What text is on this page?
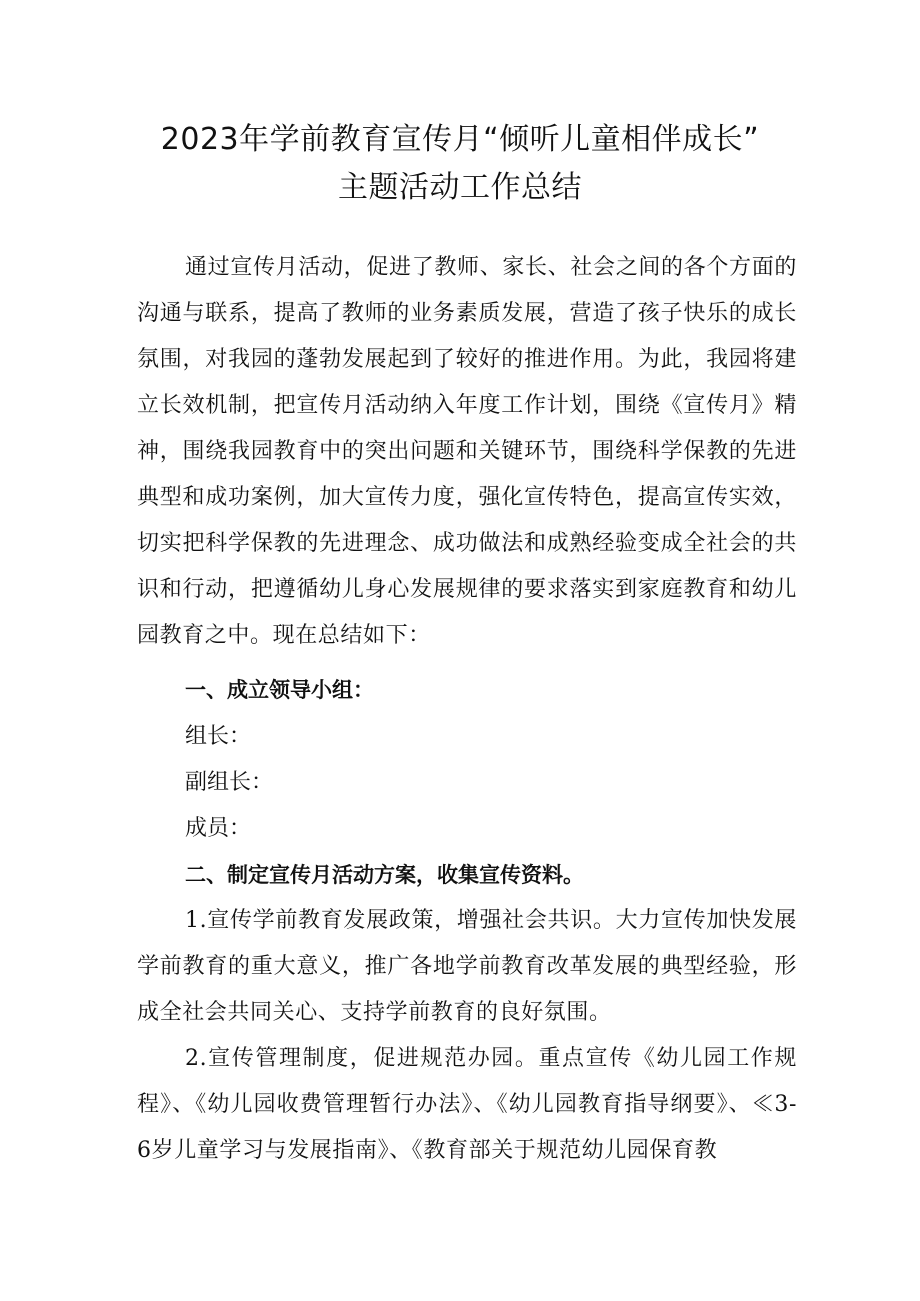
2023年学前教育宣传月“倾听儿童相伴成长”
主题活动工作总结

通过宣传月活动，促进了教师、家长、社会之间的各个方面的沟通与联系，提高了教师的业务素质发展，营造了孩子快乐的成长氛围，对我园的蓬勃发展起到了较好的推进作用。为此，我园将建立长效机制，把宣传月活动纳入年度工作计划，围绕《宣传月》精神，围绕我园教育中的突出问题和关键环节，围绕科学保教的先进典型和成功案例，加大宣传力度，强化宣传特色，提高宣传实效，切实把科学保教的先进理念、成功做法和成熟经验变成全社会的共识和行动，把遵循幼儿身心发展规律的要求落实到家庭教育和幼儿园教育之中。现在总结如下：

一、成立领导小组：

组长：

副组长：

成员：

二、制定宣传月活动方案，收集宣传资料。

1.宣传学前教育发展政策，增强社会共识。大力宣传加快发展学前教育的重大意义，推广各地学前教育改革发展的典型经验，形成全社会共同关心、支持学前教育的良好氛围。

2.宣传管理制度，促进规范办园。重点宣传《幼儿园工作规程》、《幼儿园收费管理暂行办法》、《幼儿园教育指导纲要》、≪3-6岁儿童学习与发展指南》、《教育部关于规范幼儿园保育教
